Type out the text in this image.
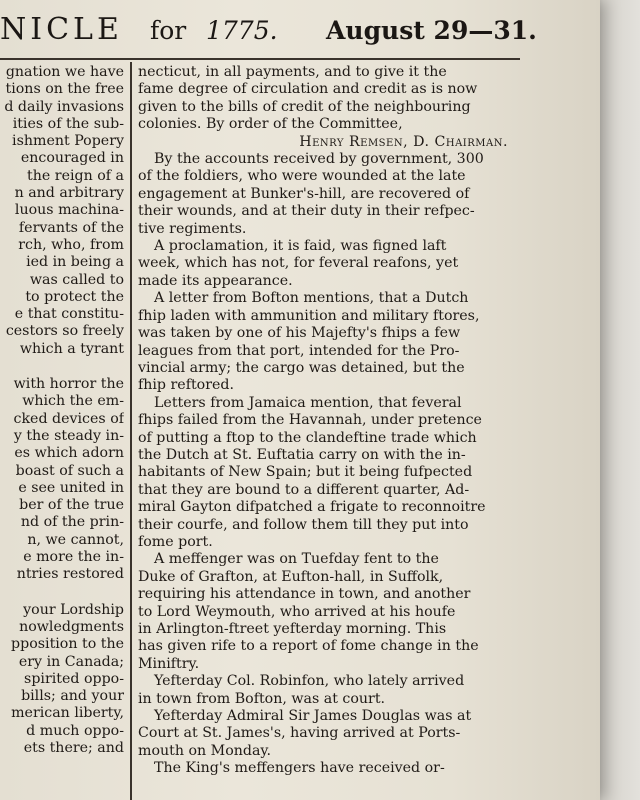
NICLE for 1775. August 29—31.
gnation we have
tions on the free
d daily invasions
ities of the sub-
ishment Popery
encouraged in
the reign of a
n and arbitrary
luous machina-
fervants of the
rch, who, from
ied in being a
was called to
to protect the
e that constitu-
cestors so freely
which a tyrant
with horror the
which the em-
cked devices of
y the steady in-
es which adorn
boast of such a
e see united in
ber of the true
nd of the prin-
n, we cannot,
e more the in-
ntries restored
your Lordship
nowledgments
pposition to the
ery in Canada;
spirited oppo-
bills; and your
merican liberty,
d much oppo-
ets there; and
necticut, in all payments, and to give it the
fame degree of circulation and credit as is now
given to the bills of credit of the neighbouring
colonies. By order of the Committee,
Henry Remsen, D. Chairman.
By the accounts received by government, 300
of the foldiers, who were wounded at the late
engagement at Bunker's-hill, are recovered of
their wounds, and at their duty in their refpec-
tive regiments.
A proclamation, it is faid, was figned laft
week, which has not, for feveral reafons, yet
made its appearance.
A letter from Bofton mentions, that a Dutch
fhip laden with ammunition and military ftores,
was taken by one of his Majefty's fhips a few
leagues from that port, intended for the Pro-
vincial army; the cargo was detained, but the
fhip reftored.
Letters from Jamaica mention, that feveral
fhips failed from the Havannah, under pretence
of putting a ftop to the clandeftine trade which
the Dutch at St. Euftatia carry on with the in-
habitants of New Spain; but it being fufpected
that they are bound to a different quarter, Ad-
miral Gayton difpatched a frigate to reconnoitre
their courfe, and follow them till they put into
fome port.
A meffenger was on Tuefday fent to the
Duke of Grafton, at Eufton-hall, in Suffolk,
requiring his attendance in town, and another
to Lord Weymouth, who arrived at his houfe
in Arlington-ftreet yefterday morning. This
has given rife to a report of fome change in the
Miniftry.
Yefterday Col. Robinfon, who lately arrived
in town from Bofton, was at court.
Yefterday Admiral Sir James Douglas was at
Court at St. James's, having arrived at Ports-
mouth on Monday.
The King's meffengers have received or-
